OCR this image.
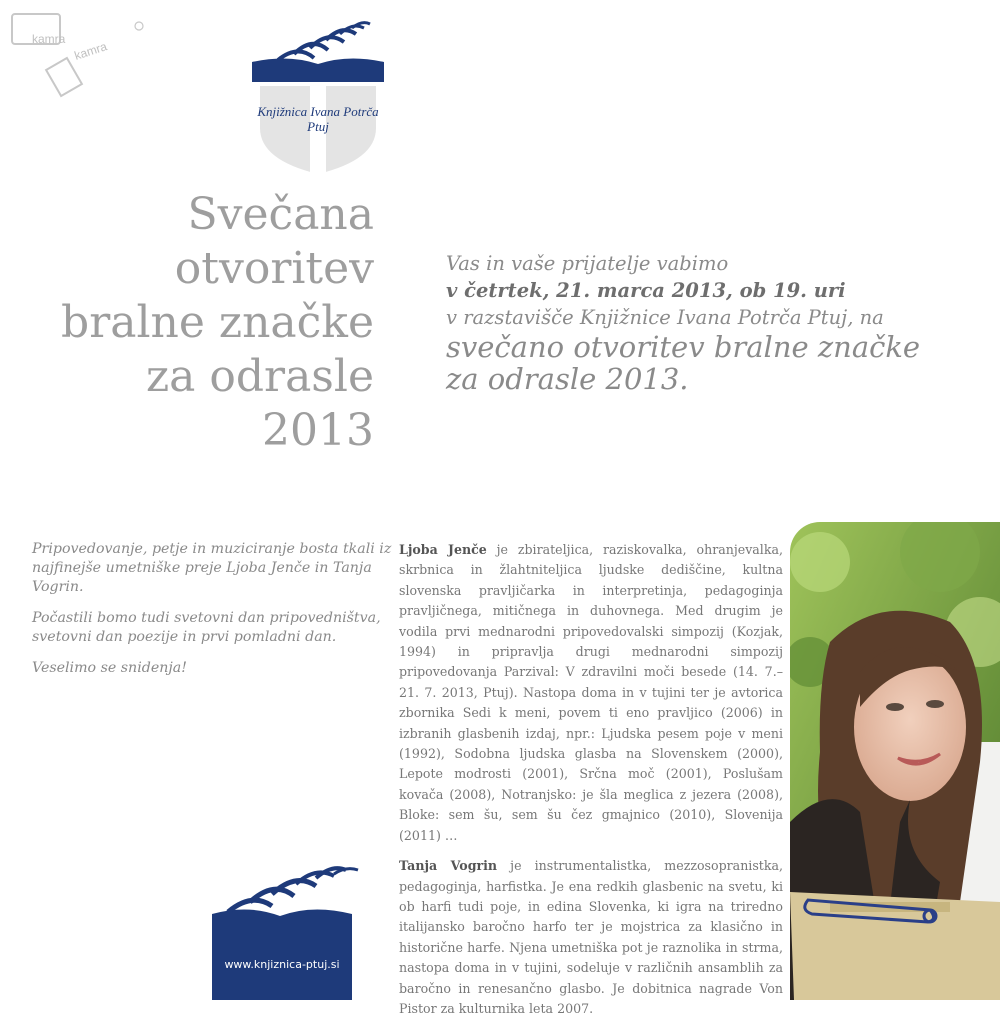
kamra
kamra
Knjižnica Ivana Potrča
Ptuj
Svečana
otvoritev
bralne značke
za odrasle
2013
Vas in vaše prijatelje vabimo
v četrtek, 21. marca 2013, ob 19. uri
v razstavišče Knjižnice Ivana Potrča Ptuj, na
svečano otvoritev bralne značke
za odrasle 2013.

Pripovedovanje, petje in muziciranje bosta tkali iz najfinejše umetniške preje Ljoba Jenče in Tanja Vogrin.

Počastili bomo tudi svetovni dan pripovedništva, svetovni dan poezije in prvi pomladni dan.

Veselimo se snidenja!

Ljoba Jenče je zbirateljica, raziskovalka, ohranjevalka, skrbnica in žlahtniteljica ljudske dediščine, kultna slovenska pravljičarka in interpretinja, pedagoginja pravljičnega, mitičnega in duhovnega. Med drugim je vodila prvi mednarodni pripovedovalski simpozij (Kozjak, 1994) in pripravlja drugi mednarodni simpozij pripovedovanja Parzival: V zdravilni moči besede (14. 7.–21. 7. 2013, Ptuj). Nastopa doma in v tujini ter je avtorica zbornika Sedi k meni, povem ti eno pravljico (2006) in izbranih glasbenih izdaj, npr.: Ljudska pesem poje v meni (1992), Sodobna ljudska glasba na Slovenskem (2000), Lepote modrosti (2001), Srčna moč (2001), Poslušam kovača (2008), Notranjsko: je šla meglica z jezera (2008), Bloke: sem šu, sem šu čez gmajnico (2010), Slovenija (2011) …

Tanja Vogrin je instrumentalistka, mezzosopranistka, pedagoginja, harfistka. Je ena redkih glasbenic na svetu, ki ob harfi tudi poje, in edina Slovenka, ki igra na triredno italijansko baročno harfo ter je mojstrica za klasično in historične harfe. Njena umetniška pot je raznolika in strma, nastopa doma in v tujini, sodeluje v različnih ansamblih za baročno in renesančno glasbo. Je dobitnica nagrade Von Pistor za kulturnika leta 2007.

www.knjiznica-ptuj.si
